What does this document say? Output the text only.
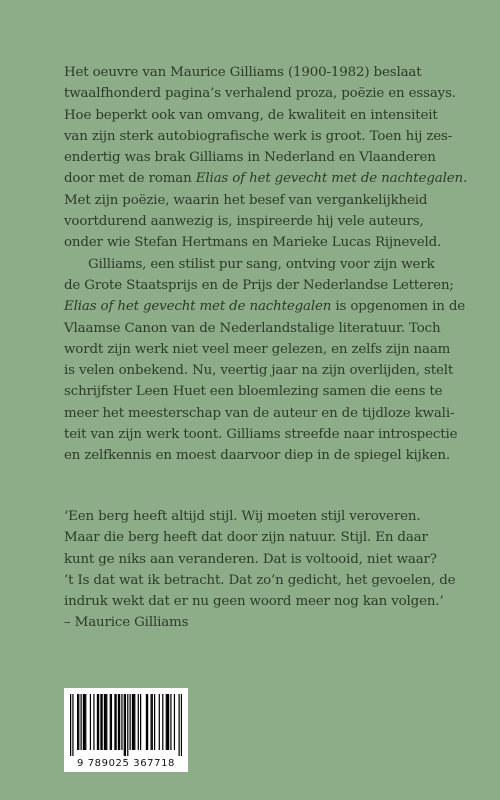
Het oeuvre van Maurice Gilliams (1900-1982) beslaat
twaalfhonderd pagina’s verhalend proza, poëzie en essays.
Hoe beperkt ook van omvang, de kwaliteit en intensiteit
van zijn sterk autobiografische werk is groot. Toen hij zes-
endertig was brak Gilliams in Nederland en Vlaanderen
door met de roman Elias of het gevecht met de nachtegalen.
Met zijn poëzie, waarin het besef van vergankelijkheid
voortdurend aanwezig is, inspireerde hij vele auteurs,
onder wie Stefan Hertmans en Marieke Lucas Rijneveld.

Gilliams, een stilist pur sang, ontving voor zijn werk
de Grote Staatsprijs en de Prijs der Nederlandse Letteren;
Elias of het gevecht met de nachtegalen is opgenomen in de
Vlaamse Canon van de Nederlandstalige literatuur. Toch
wordt zijn werk niet veel meer gelezen, en zelfs zijn naam
is velen onbekend. Nu, veertig jaar na zijn overlijden, stelt
schrijfster Leen Huet een bloemlezing samen die eens te
meer het meesterschap van de auteur en de tijdloze kwali-
teit van zijn werk toont. Gilliams streefde naar introspectie
en zelfkennis en moest daarvoor diep in de spiegel kijken.

‘Een berg heeft altijd stijl. Wij moeten stijl veroveren.
Maar die berg heeft dat door zijn natuur. Stijl. En daar
kunt ge niks aan veranderen. Dat is voltooid, niet waar?
’t Is dat wat ik betracht. Dat zo’n gedicht, het gevoelen, de
indruk wekt dat er nu geen woord meer nog kan volgen.’
– Maurice Gilliams
9 789025 367718
